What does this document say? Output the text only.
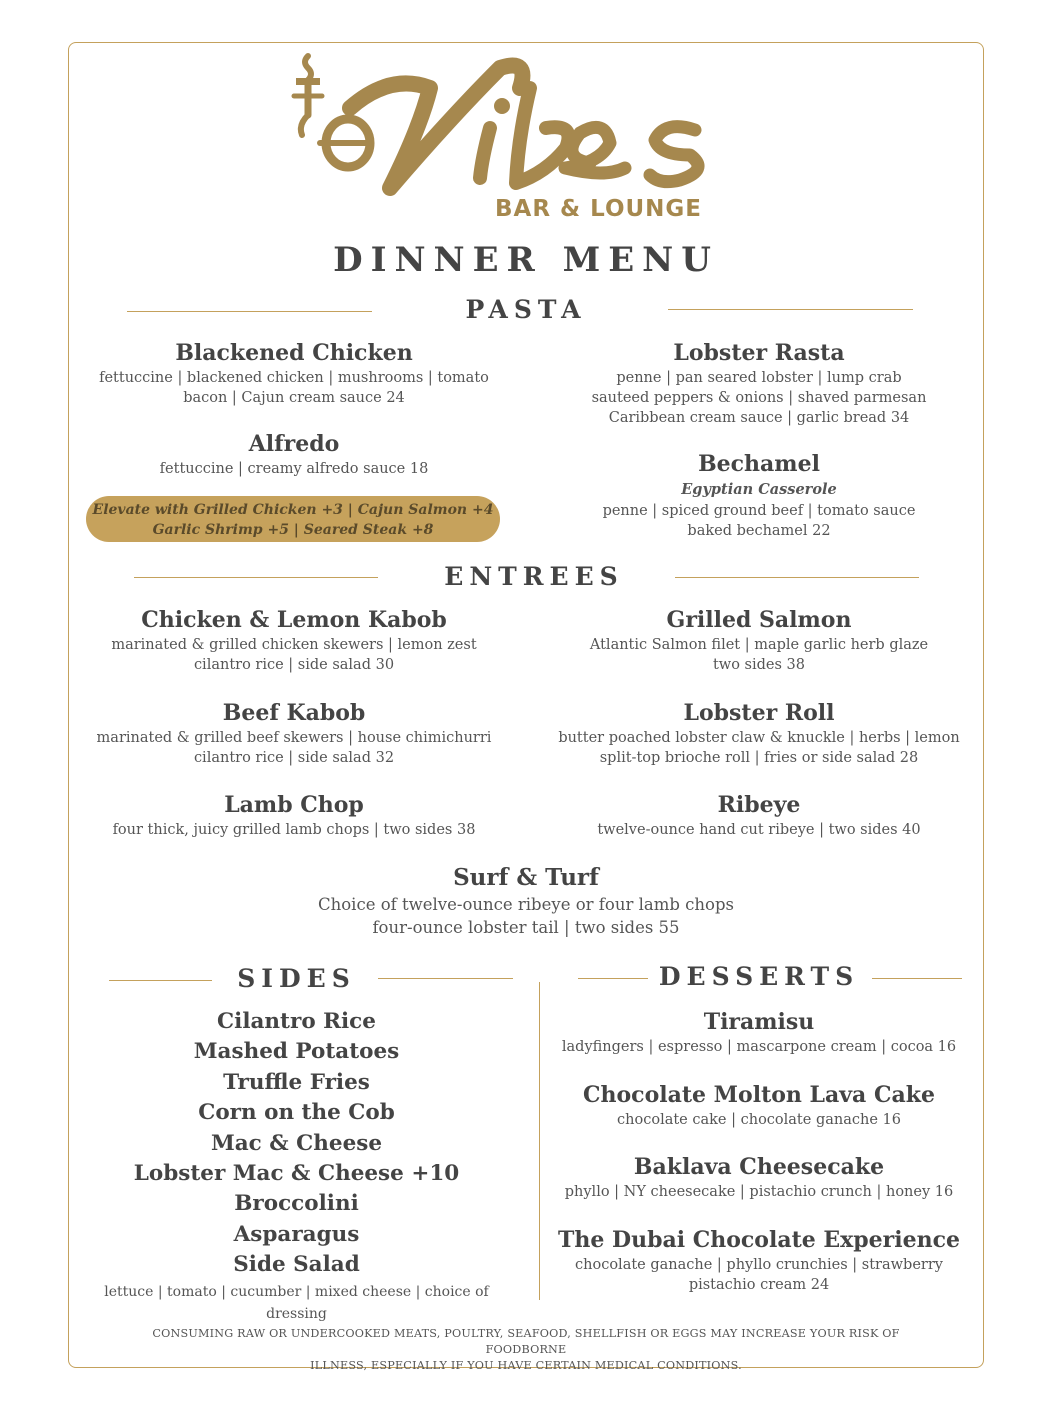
BAR & LOUNGE
DINNER MENU
PASTA
Blackened Chicken
fettuccine | blackened chicken | mushrooms | tomato
bacon | Cajun cream sauce 24
Alfredo
fettuccine | creamy alfredo sauce 18
Elevate with Grilled Chicken +3 | Cajun Salmon +4
Garlic Shrimp +5 | Seared Steak +8
Lobster Rasta
penne | pan seared lobster | lump crab
sauteed peppers & onions | shaved parmesan
Caribbean cream sauce | garlic bread 34
Bechamel
Egyptian Casserole
penne | spiced ground beef | tomato sauce
baked bechamel 22
ENTREES
Chicken & Lemon Kabob
marinated & grilled chicken skewers | lemon zest
cilantro rice | side salad 30
Grilled Salmon
Atlantic Salmon filet | maple garlic herb glaze
two sides 38
Beef Kabob
marinated & grilled beef skewers | house chimichurri
cilantro rice | side salad 32
Lobster Roll
butter poached lobster claw & knuckle | herbs | lemon
split-top brioche roll | fries or side salad 28
Lamb Chop
four thick, juicy grilled lamb chops | two sides 38
Ribeye
twelve-ounce hand cut ribeye | two sides 40
Surf & Turf
Choice of twelve-ounce ribeye or four lamb chops
four-ounce lobster tail | two sides 55
SIDES
Cilantro Rice
Mashed Potatoes
Truffle Fries
Corn on the Cob
Mac & Cheese
Lobster Mac & Cheese +10
Broccolini
Asparagus
Side Salad
lettuce | tomato | cucumber | mixed cheese | choice of dressing
DESSERTS
Tiramisu
ladyfingers | espresso | mascarpone cream | cocoa 16
Chocolate Molton Lava Cake
chocolate cake | chocolate ganache 16
Baklava Cheesecake
phyllo | NY cheesecake | pistachio crunch | honey 16
The Dubai Chocolate Experience
chocolate ganache | phyllo crunchies | strawberry
pistachio cream 24
CONSUMING RAW OR UNDERCOOKED MEATS, POULTRY, SEAFOOD, SHELLFISH OR EGGS MAY INCREASE YOUR RISK OF FOODBORNE
ILLNESS, ESPECIALLY IF YOU HAVE CERTAIN MEDICAL CONDITIONS.
